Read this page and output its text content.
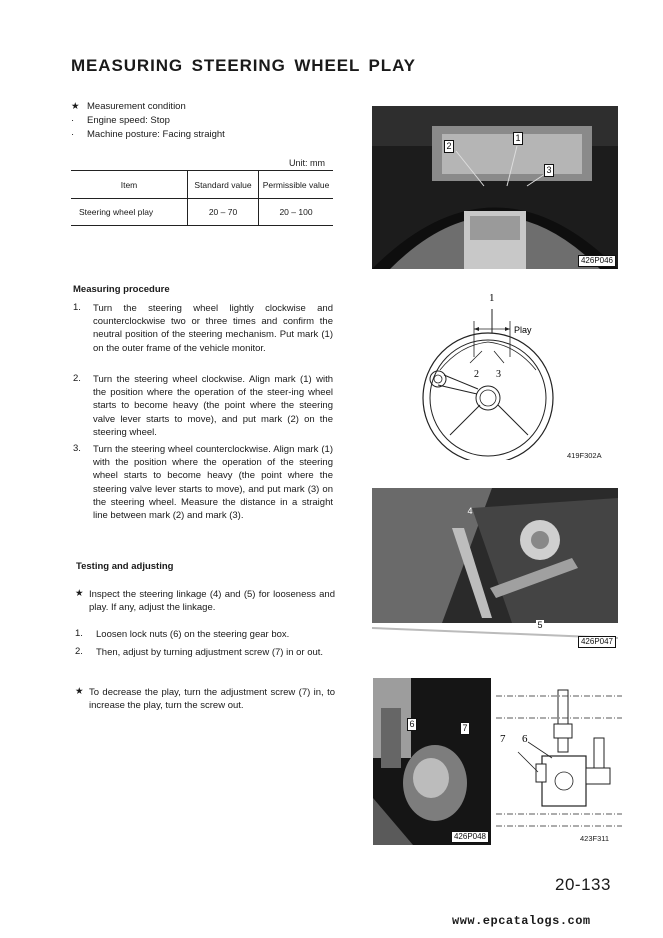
MEASURING STEERING WHEEL PLAY
★ Measurement condition
· Engine speed: Stop
· Machine posture: Facing straight
Unit: mm
Item	Standard value	Permissible value
Steering wheel play	20 – 70	20 – 100
Measuring procedure
1. Turn the steering wheel lightly clockwise and counterclockwise two or three times and confirm the neutral position of the steering mechanism. Put mark (1) on the outer frame of the vehicle monitor.
2. Turn the steering wheel clockwise. Align mark (1) with the position where the operation of the steer-ing wheel starts to become heavy (the point where the steering valve lever starts to move), and put mark (2) on the steering wheel.
3. Turn the steering wheel counterclockwise. Align mark (1) with the position where the operation of the steering wheel starts to become heavy (the point where the steering valve lever starts to move), and put mark (3) on the steering wheel. Measure the distance in a straight line between mark (2) and mark (3).
Testing and adjusting
★ Inspect the steering linkage (4) and (5) for looseness and play. If any, adjust the linkage.
1. Loosen lock nuts (6) on the steering gear box.
2. Then, adjust by turning adjustment screw (7) in or out.
★ To decrease the play, turn the adjustment screw (7) in, to increase the play, turn the screw out.
1
2
3
426P046
1
Play
2 3
419F302A
4
5
426P047
6	7
426P048
7 6
423F311
20-133
www.epcatalogs.com
